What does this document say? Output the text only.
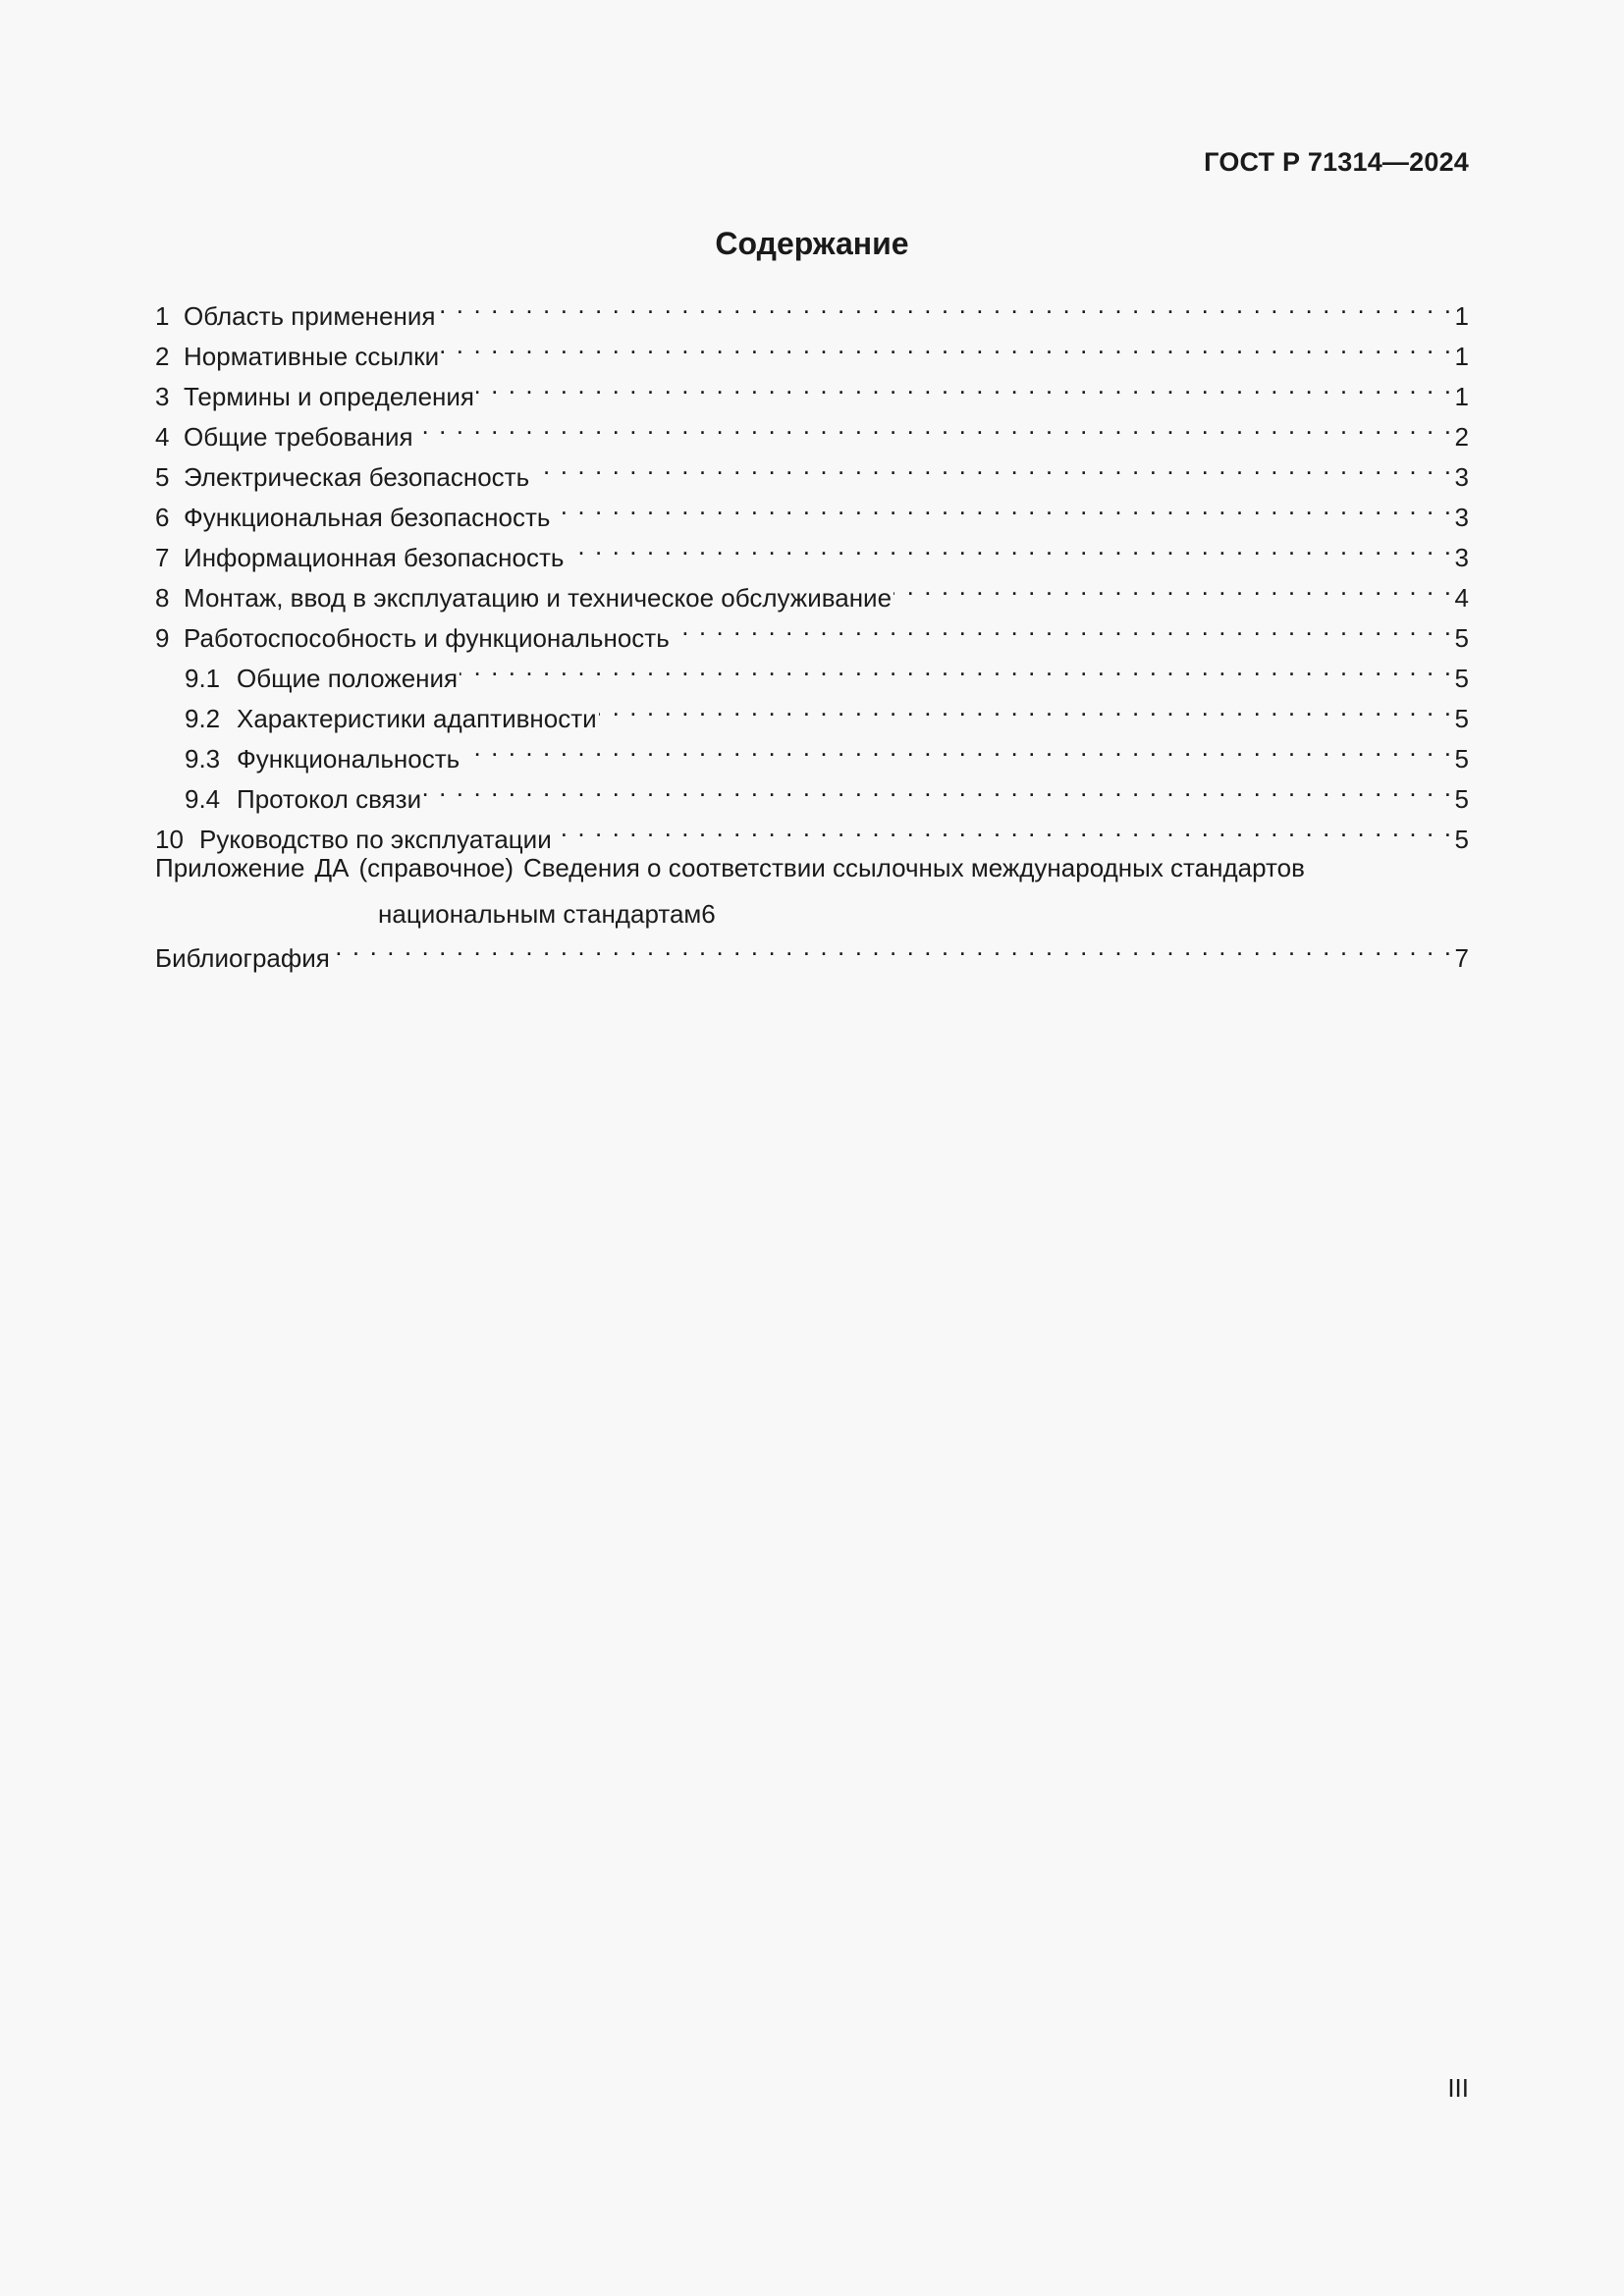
ГОСТ Р 71314—2024
Содержание
1 Область применения . . .	1
2 Нормативные ссылки . . .	1
3 Термины и определения . . .	1
4 Общие требования . . .	2
5 Электрическая безопасность . . .	3
6 Функциональная безопасность . . .	3
7 Информационная безопасность . . .	3
8 Монтаж, ввод в эксплуатацию и техническое обслуживание . . .	4
9 Работоспособность и функциональность . . .	5
9.1 Общие положения . . .	5
9.2 Характеристики адаптивности . . .	5
9.3 Функциональность . . .	5
9.4 Протокол связи . . .	5
10 Руководство по эксплуатации . . .	5
Приложение ДА (справочное) Сведения о соответствии ссылочных международных стандартов
национальным стандартам 6
Библиография . . .	7
III
